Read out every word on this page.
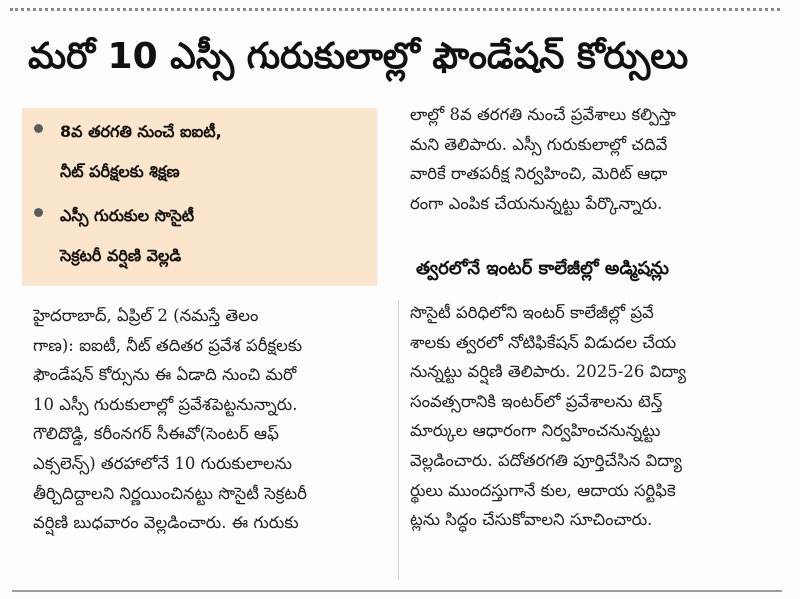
మరో 10 ఎస్సీ గురుకులాల్లో ఫౌండేషన్‌ కోర్సులు
8వ తరగతి నుంచే ఐఐటీ,
నీట్‌ పరీక్షలకు శిక్షణ
ఎస్సీ గురుకుల సొసైటీ
సెక్రటరీ వర్షిణి వెల్లడి
హైదరాబాద్‌, ఏప్రిల్‌ 2 (నమస్తే తెలం
గాణ): ఐఐటీ, నీట్‌ తదితర ప్రవేశ పరీక్షలకు
ఫౌండేషన్‌ కోర్సును ఈ ఏడాది నుంచి మరో
10 ఎస్సీ గురుకులాల్లో ప్రవేశపెట్టనున్నారు.
గౌలిదొడ్డి, కరీంనగర్‌ సీఈవో(సెంటర్‌ ఆఫ్‌
ఎక్సలెన్స్‌) తరహాలోనే 10 గురుకులాలను
తీర్చిదిద్దాలని నిర్ణయించినట్టు సొసైటీ సెక్రటరీ
వర్షిణి బుధవారం వెల్లడించారు. ఈ గురుకు
లాల్లో 8వ తరగతి నుంచే ప్రవేశాలు కల్పిస్తా
మని తెలిపారు. ఎస్సీ గురుకులాల్లో చదివే
వారికే రాతపరీక్ష నిర్వహించి, మెరిట్‌ ఆధా
రంగా ఎంపిక చేయనున్నట్టు పేర్కొన్నారు.
త్వరలోనే ఇంటర్‌ కాలేజీల్లో అడ్మిషన్లు
సొసైటీ పరిధిలోని ఇంటర్‌ కాలేజీల్లో ప్రవే
శాలకు త్వరలో నోటిఫికేషన్‌ విడుదల చేయ
నున్నట్టు వర్షిణి తెలిపారు. 2025-26 విద్యా
సంవత్సరానికి ఇంటర్‌లో ప్రవేశాలను టెన్త్‌
మార్కుల ఆధారంగా నిర్వహించనున్నట్టు
వెల్లడించారు. పదోతరగతి పూర్తిచేసిన విద్యా
ర్థులు ముందస్తుగానే కుల, ఆదాయ సర్టిఫికె
ట్లను సిద్ధం చేసుకోవాలని సూచించారు.
